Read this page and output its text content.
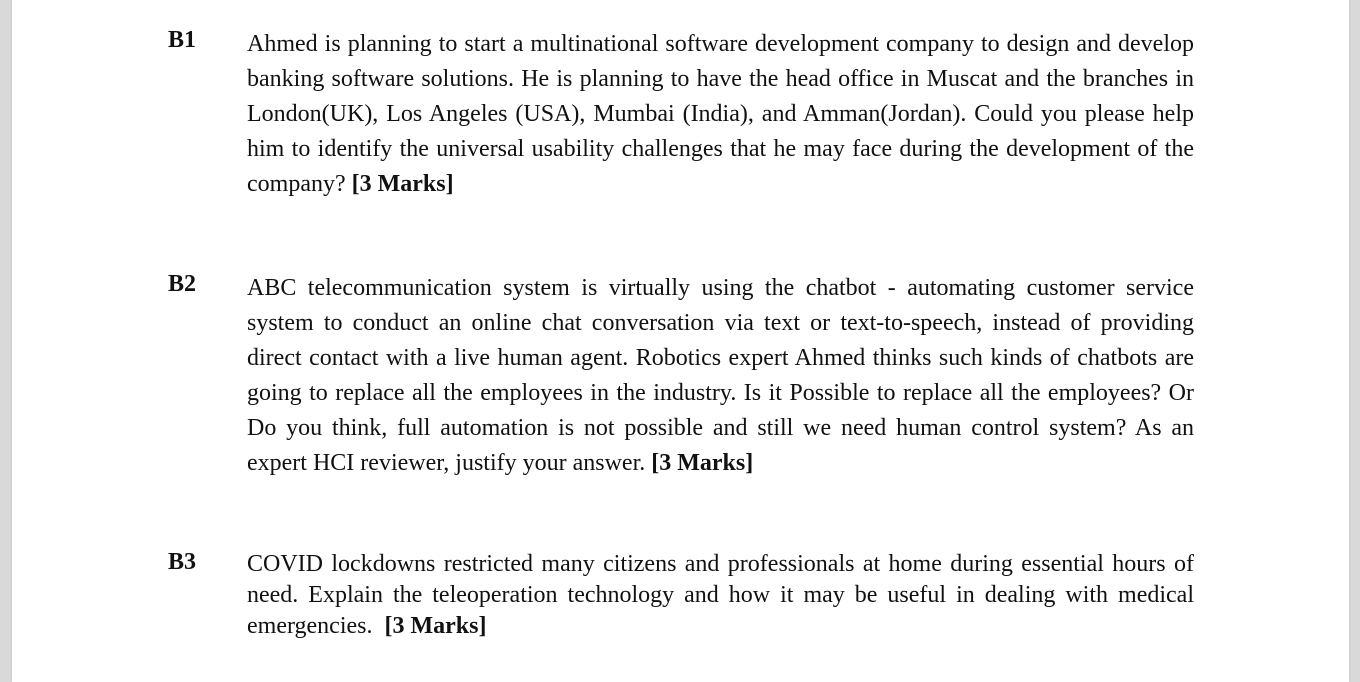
B1 Ahmed is planning to start a multinational software development company to design and develop banking software solutions. He is planning to have the head office in Muscat and the branches in London(UK), Los Angeles (USA), Mumbai (India), and Amman(Jordan). Could you please help him to identify the universal usability challenges that he may face during the development of the company? [3 Marks]
B2 ABC telecommunication system is virtually using the chatbot - automating customer service system to conduct an online chat conversation via text or text-to-speech, instead of providing direct contact with a live human agent. Robotics expert Ahmed thinks such kinds of chatbots are going to replace all the employees in the industry. Is it Possible to replace all the employees? Or Do you think, full automation is not possible and still we need human control system? As an expert HCI reviewer, justify your answer. [3 Marks]
B3 COVID lockdowns restricted many citizens and professionals at home during essential hours of need. Explain the teleoperation technology and how it may be useful in dealing with medical emergencies. [3 Marks]
